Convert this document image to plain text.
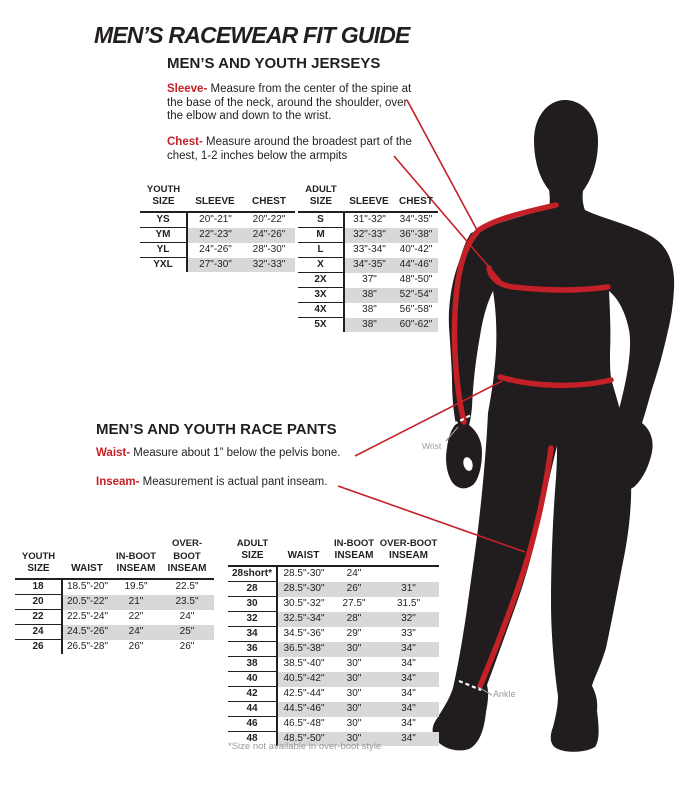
MEN’S RACEWEAR FIT GUIDE
MEN’S AND YOUTH JERSEYS
Sleeve- Measure from the center of the spine at the base of the neck, around the shoulder, over the elbow and down to the wrist.
Chest- Measure around the broadest part of the chest, 1-2 inches below the armpits
YOUTH
SIZE	SLEEVE	CHEST

YS	20"-21"	20"-22"
YM	22"-23"	24"-26"
YL	24"-26"	28"-30"
YXL	27"-30"	32"-33"
ADULT
SIZE	SLEEVE	CHEST

S	31"-32"	34"-35"
M	32"-33"	36"-38"
L	33"-34"	40"-42"
X	34"-35"	44"-46"
2X	37"	48"-50"
3X	38"	52"-54"
4X	38"	56"-58"
5X	38"	60"-62"
MEN’S AND YOUTH RACE PANTS
Waist- Measure about 1” below the pelvis bone.
Inseam- Measurement is actual pant inseam.
YOUTH
SIZE	WAIST

IN-BOOT
INSEAM

OVER-BOOT
INSEAM

18	18.5"-20"	19.5"	22.5"
20	20.5"-22"	21"	23.5"
22	22.5"-24"	22"	24"
24	24.5"-26"	24"	25"
26	26.5"-28"	26"	26"
ADULT
SIZE	WAIST

IN-BOOT
INSEAM

OVER-BOOT
INSEAM

28short*	28.5"-30"	24"	
28	28.5"-30"	26"	31"
30	30.5"-32"	27.5"	31.5"
32	32.5"-34"	28"	32"
34	34.5"-36"	29"	33"
36	36.5"-38"	30"	34"
38	38.5"-40"	30"	34"
40	40.5"-42"	30"	34"
42	42.5"-44"	30"	34"
44	44.5"-46"	30"	34"
46	46.5"-48"	30"	34"
48	48.5"-50"	30"	34"
*Size not available in over-boot style
Wrist
Ankle
